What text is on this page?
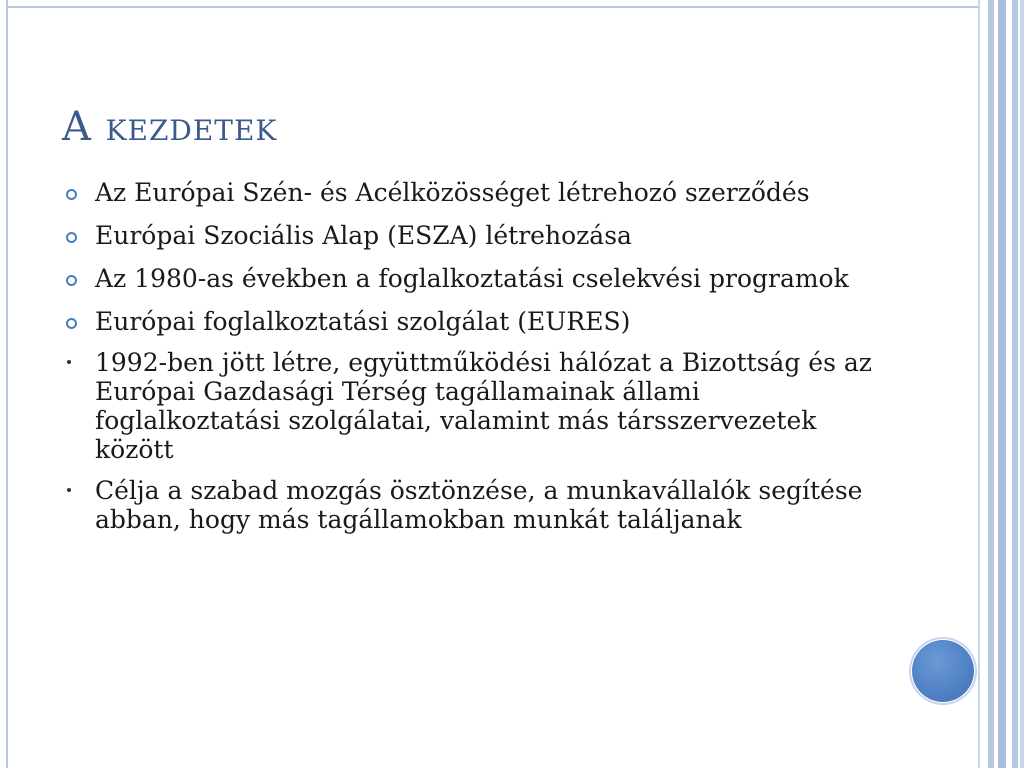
A kezdetek
Az Európai Szén- és Acélközösséget létrehozó szerződés
Európai Szociális Alap (ESZA) létrehozása
Az 1980-as években a foglalkoztatási cselekvési programok
Európai foglalkoztatási szolgálat (EURES)
1992-ben jött létre, együttműködési hálózat a Bizottság és az Európai Gazdasági Térség tagállamainak állami foglalkoztatási szolgálatai, valamint más társszervezetek között
Célja a szabad mozgás ösztönzése, a munkavállalók segítése abban, hogy más tagállamokban munkát találjanak
